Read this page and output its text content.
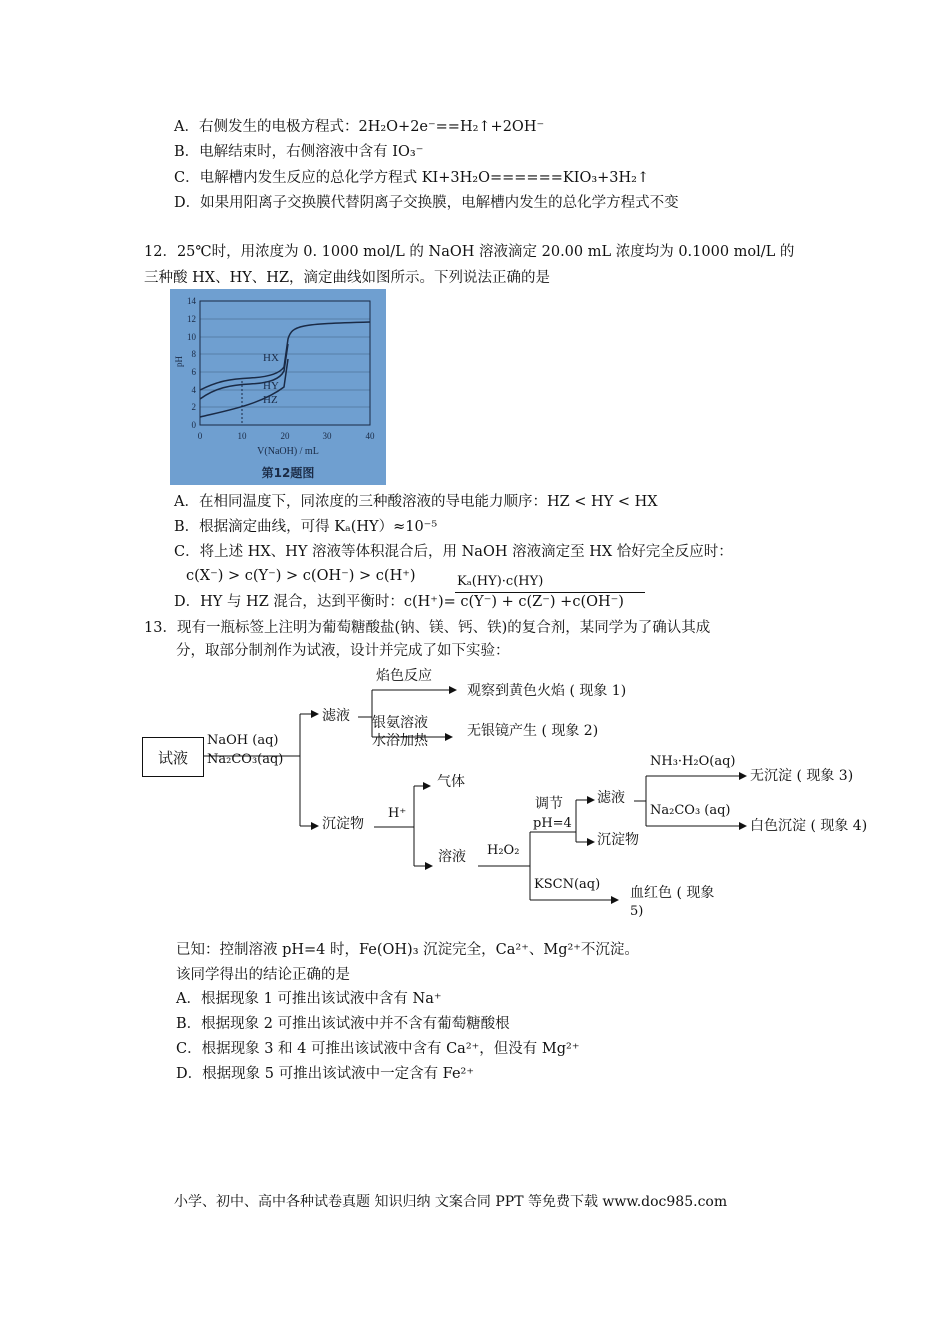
A．右侧发生的电极方程式：2H₂O+2e⁻==H₂↑+2OH⁻
B．电解结束时，右侧溶液中含有 IO₃⁻
C．电解槽内发生反应的总化学方程式 KI+3H₂O======KIO₃+3H₂↑
D．如果用阳离子交换膜代替阴离子交换膜，电解槽内发生的总化学方程式不变
12．25℃时，用浓度为 0. 1000 mol/L 的 NaOH 溶液滴定 20.00 mL 浓度均为 0.1000 mol/L 的
三种酸 HX、HY、HZ，滴定曲线如图所示。下列说法正确的是
HX
HY
HZ
14
12
10
8
6
4
2
0
0	10	20	30	40
pH
V(NaOH) / mL
第12题图
A．在相同温度下，同浓度的三种酸溶液的导电能力顺序：HZ < HY < HX
B．根据滴定曲线，可得 Kₐ(HY）≈10⁻⁵
C．将上述 HX、HY 溶液等体积混合后，用 NaOH 溶液滴定至 HX 恰好完全反应时：
c(X⁻) > c(Y⁻) > c(OH⁻) > c(H⁺)	Kₐ(HY)·c(HY)
D．HY 与 HZ 混合，达到平衡时：c(H⁺)= c(Y⁻) + c(Z⁻) +c(OH⁻)
13．现有一瓶标签上注明为葡萄糖酸盐(钠、镁、钙、铁)的复合剂，某同学为了确认其成
分，取部分制剂作为试液，设计并完成了如下实验：
试液
NaOH (aq)
Na₂CO₃(aq)
滤液
焰色反应
观察到黄色火焰 ( 现象 1)
银氨溶液
水浴加热
无银镜产生 ( 现象 2)
沉淀物
H⁺
气体
溶液 H₂O₂
调节
pH=4
滤液
沉淀物
NH₃·H₂O(aq)
无沉淀 ( 现象 3)
Na₂CO₃ (aq)
白色沉淀 ( 现象 4)
KSCN(aq)
血红色 ( 现象
5)
已知：控制溶液 pH=4 时，Fe(OH)₃ 沉淀完全，Ca²⁺、Mg²⁺不沉淀。
该同学得出的结论正确的是
A．根据现象 1 可推出该试液中含有 Na⁺
B．根据现象 2 可推出该试液中并不含有葡萄糖酸根
C．根据现象 3 和 4 可推出该试液中含有 Ca²⁺，但没有 Mg²⁺
D．根据现象 5 可推出该试液中一定含有 Fe²⁺
小学、初中、高中各种试卷真题 知识归纳 文案合同 PPT 等免费下载 www.doc985.com
